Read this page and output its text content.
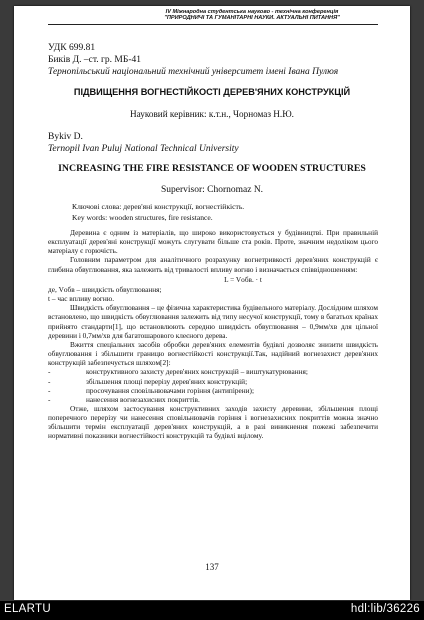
IV Міжнародна студентська науково - технічна конференція
"ПРИРОДНИЧІ ТА ГУМАНІТАРНІ НАУКИ. АКТУАЛЬНІ ПИТАННЯ"
УДК 699.81
Биків Д. –ст. гр. МБ-41
Тернопільський національний технічний університет імені Івана Пулюя
ПІДВИЩЕННЯ ВОГНЕСТІЙКОСТІ ДЕРЕВ'ЯНИХ КОНСТРУКЦІЙ
Науковий керівник: к.т.н., Чорномаз Н.Ю.
Bykiv D.
Ternopil Ivan Puluj National Technical University
INCREASING THE FIRE RESISTANCE OF WOODEN STRUCTURES
Supervisor: Chornomaz N.
Ключові слова: дерев'яні конструкції, вогнестійкість.
Key words: wooden structures, fire resistance.

Деревина є одним із матеріалів, що широко використовується у будівництві. При правильній експлуатації дерев'яні конструкції можуть слугувати більше ста років. Проте, значним недоліком цього матеріалу є горючість.

Головним параметром для аналітичного розрахунку вогнетривкості дерев'яних конструкцій є глибина обвуглювання, яка залежить від тривалості впливу вогню і визначається співвідношенням:

L = Vобв. · t

де, Vобв – швидкість обвуглювання;

t – час впливу вогню.

Швидкість обвуглювання – це фізична характеристика будівельного матеріалу. Дослідним шляхом встановлено, що швидкість обвуглювання залежить від типу несучої конструкції, тому в багатьох країнах прийнято стандарти[1], що встановлюють середню швидкість обвуглювання – 0,9мм/хв для цільної деревини і 0,7мм/хв для багатошарового клеєного дерева.

Вжиття спеціальних засобів обробки дерев'яних елементів будівлі дозволяє знизити швидкість обвуглювання і збільшити границю вогнестійкості конструкції.Так, надійний вогнезахист дерев'яних конструкцій забезпечується шляхом[2]:

-	конструктивного захисту дерев'яних конструкцій – виштукатурювання;
-	збільшення площі перерізу дерев'яних конструкцій;
-	просочування сповільнювачами горіння (антипірени);
-	нанесення вогнезахисних покриттів.

Отже, шляхом застосування конструктивних заходів захисту деревини, збільшення площі поперечного перерізу чи нанесення сповільнювачів горіння і вогнезахисних покриттів можна значно збільшити термін експлуатації дерев'яних конструкцій, а в разі виникнення пожежі забезпечити нормативні показники вогнестійкості конструкцій та будівлі вцілому.

137
ELARTU	hdl:lib/36226
